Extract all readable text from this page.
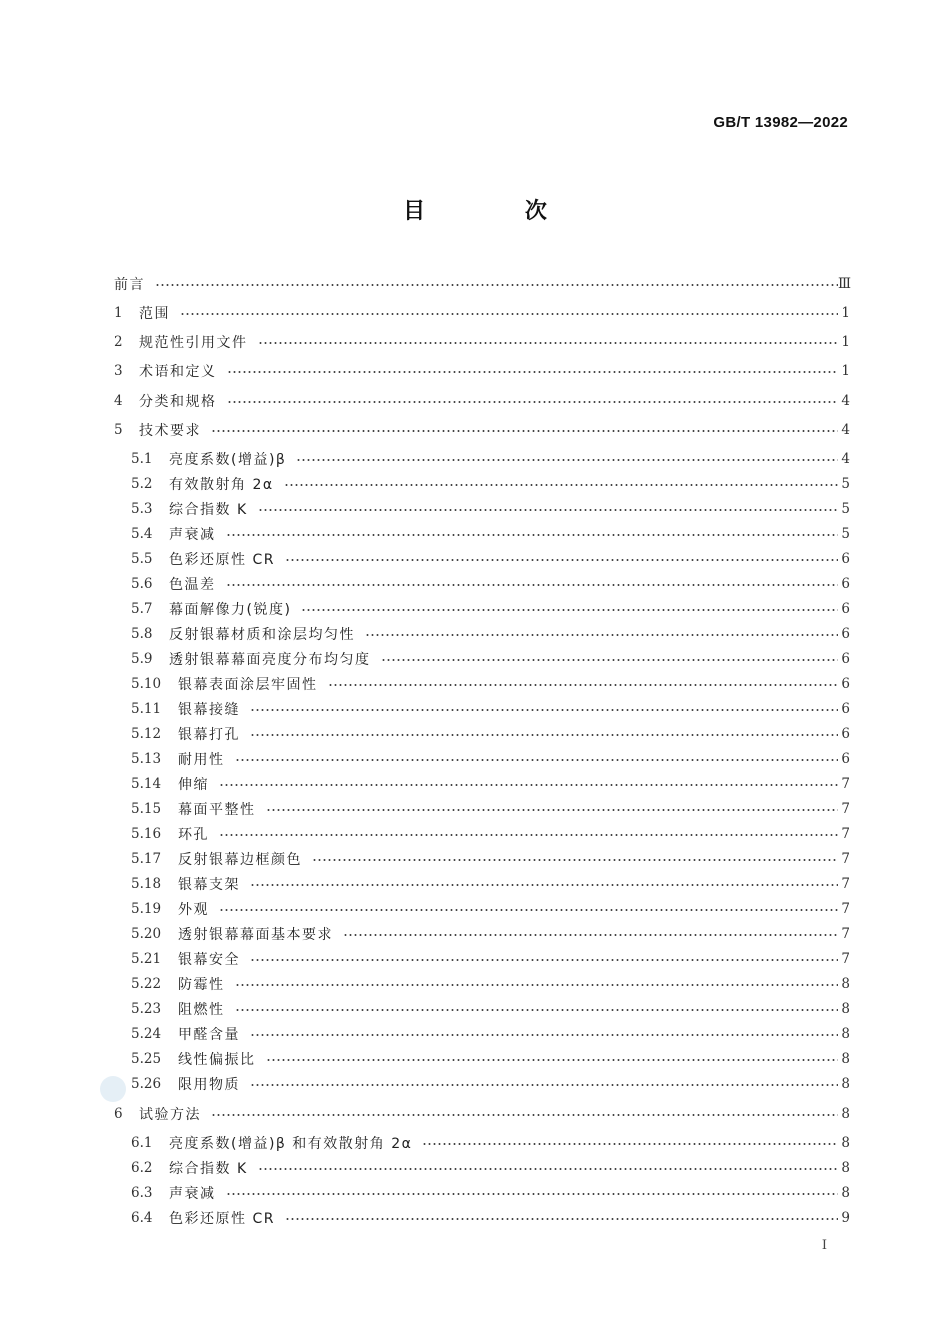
GB/T 13982—2022
目 次
前言	Ⅲ
1 范围	1
2 规范性引用文件	1
3 术语和定义	1
4 分类和规格	4
5 技术要求	4
5.1 亮度系数(增益)β	4
5.2 有效散射角 2α	5
5.3 综合指数 K	5
5.4 声衰减	5
5.5 色彩还原性 CR	6
5.6 色温差	6
5.7 幕面解像力(锐度)	6
5.8 反射银幕材质和涂层均匀性	6
5.9 透射银幕幕面亮度分布均匀度	6
5.10 银幕表面涂层牢固性	6
5.11 银幕接缝	6
5.12 银幕打孔	6
5.13 耐用性	6
5.14 伸缩	7
5.15 幕面平整性	7
5.16 环孔	7
5.17 反射银幕边框颜色	7
5.18 银幕支架	7
5.19 外观	7
5.20 透射银幕幕面基本要求	7
5.21 银幕安全	7
5.22 防霉性	8
5.23 阻燃性	8
5.24 甲醛含量	8
5.25 线性偏振比	8
5.26 限用物质	8
6 试验方法	8
6.1 亮度系数(增益)β 和有效散射角 2α	8
6.2 综合指数 K	8
6.3 声衰减	8
6.4 色彩还原性 CR	9
Ⅰ
